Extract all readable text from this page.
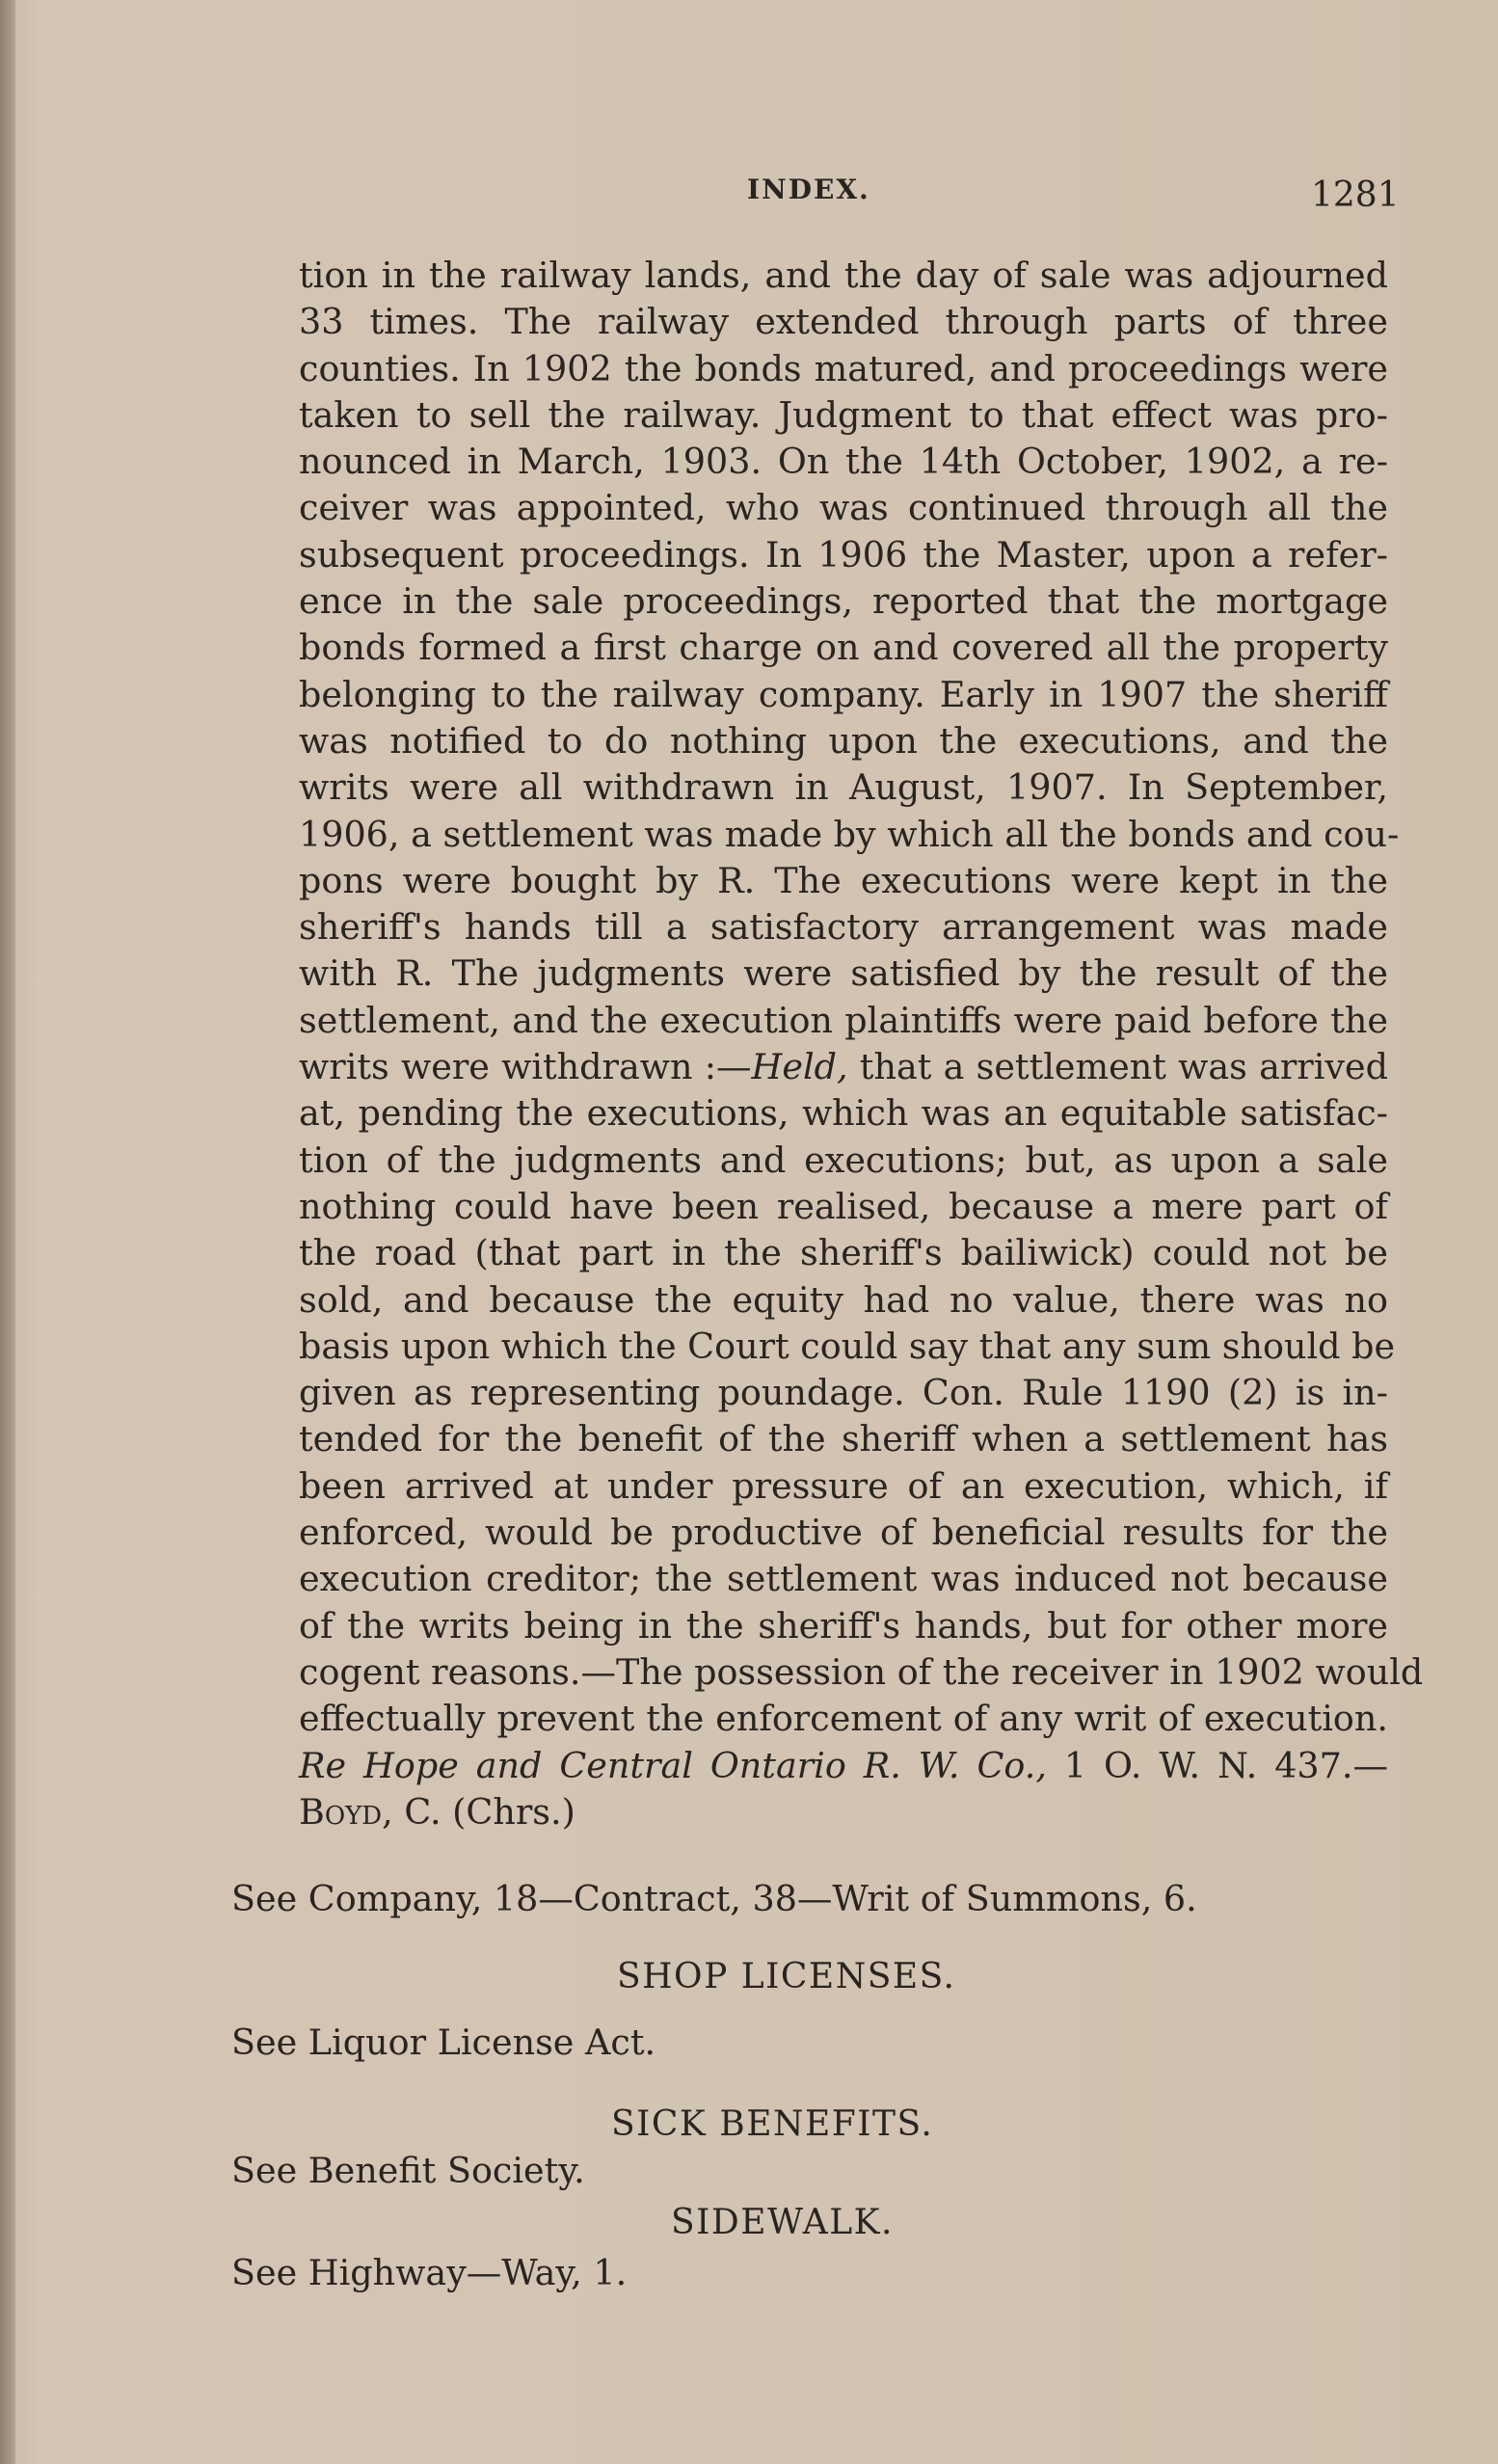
INDEX.	1281
tion in the railway lands, and the day of sale was adjourned
33 times. The railway extended through parts of three
counties. In 1902 the bonds matured, and proceedings were
taken to sell the railway. Judgment to that effect was pro-
nounced in March, 1903. On the 14th October, 1902, a re-
ceiver was appointed, who was continued through all the
subsequent proceedings. In 1906 the Master, upon a refer-
ence in the sale proceedings, reported that the mortgage
bonds formed a first charge on and covered all the property
belonging to the railway company. Early in 1907 the sheriff
was notified to do nothing upon the executions, and the
writs were all withdrawn in August, 1907. In September,
1906, a settlement was made by which all the bonds and cou-
pons were bought by R. The executions were kept in the
sheriff's hands till a satisfactory arrangement was made
with R. The judgments were satisfied by the result of the
settlement, and the execution plaintiffs were paid before the
writs were withdrawn :—Held, that a settlement was arrived
at, pending the executions, which was an equitable satisfac-
tion of the judgments and executions; but, as upon a sale
nothing could have been realised, because a mere part of
the road (that part in the sheriff's bailiwick) could not be
sold, and because the equity had no value, there was no
basis upon which the Court could say that any sum should be
given as representing poundage. Con. Rule 1190 (2) is in-
tended for the benefit of the sheriff when a settlement has
been arrived at under pressure of an execution, which, if
enforced, would be productive of beneficial results for the
execution creditor; the settlement was induced not because
of the writs being in the sheriff's hands, but for other more
cogent reasons.—The possession of the receiver in 1902 would
effectually prevent the enforcement of any writ of execution.
Re Hope and Central Ontario R. W. Co., 1 O. W. N. 437.—
Boyd, C. (Chrs.)
See Company, 18—Contract, 38—Writ of Summons, 6.
SHOP LICENSES.
See Liquor License Act.
SICK BENEFITS.
See Benefit Society.
SIDEWALK.
See Highway—Way, 1.
